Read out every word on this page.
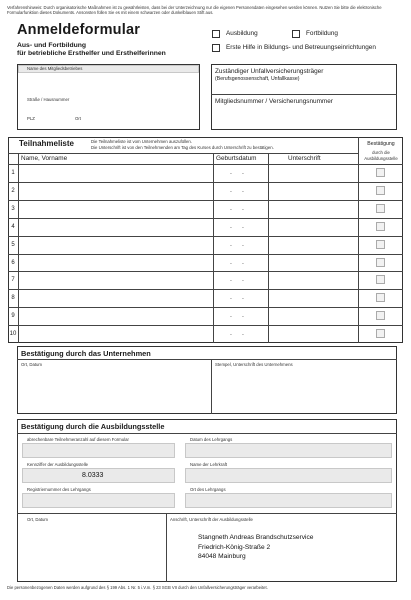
Verfahrenshinweis: Durch organisatorische Maßnahmen ist zu gewährleisten, dass bei der Unterzeichnung nur die eigenen Personendaten eingesehen werden können. Nutzen Sie bitte die elektronische Formularfunktion dieses Dokuments. Ansonsten füllen Sie es mit einem schwarzen oder dunkelblauen Stift aus.
Anmeldeformular
Aus- und Fortbildung
für betriebliche Ersthelfer und Ersthelferinnen
Ausbildung	Fortbildung
Erste Hilfe in Bildungs- und Betreuungseinrichtungen
Name des Mitgliedsbetriebes
Straße / Hausnummer
PLZ	Ort
Zuständiger Unfallversicherungsträger
(Berufsgenossenschaft, Unfallkasse)
Mitgliedsnummer / Versicherungsnummer
Teilnahmeliste	Die Teilnahmeliste ist vom Unternehmen auszufüllen.
Die Unterschrift ist von den Teilnehmenden am Tag des Kurses durch Unterschrift zu bestätigen.
Bestätigung
durch die
Ausbildungsstelle
Name, Vorname	Geburtsdatum	Unterschrift
1	..
2	..
3	..
4	..
5	..
6	..
7	..
8	..
9	..
10	..
Bestätigung durch das Unternehmen
Ort, Datum	Stempel, Unterschrift des Unternehmens
Bestätigung durch die Ausbildungsstelle
abrechenbare Teilnehmeranzahl auf diesem Formular	Datum des Lehrgangs
Kennziffer der Ausbildungsstelle
8.0333
Name der Lehrkraft
Registriernummer des Lehrgangs	Ort des Lehrgangs
Ort, Datum	Anschrift, Unterschrift der Ausbildungsstelle
Stangneth Andreas Brandschutzservice
Friedrich-König-Straße 2
84048 Mainburg
Die personenbezogenen Daten werden aufgrund des § 199 Abs. 1 Nr. 5 i.V.m. § 23 SGB VII durch den Unfallversicherungsträger verarbeitet.
